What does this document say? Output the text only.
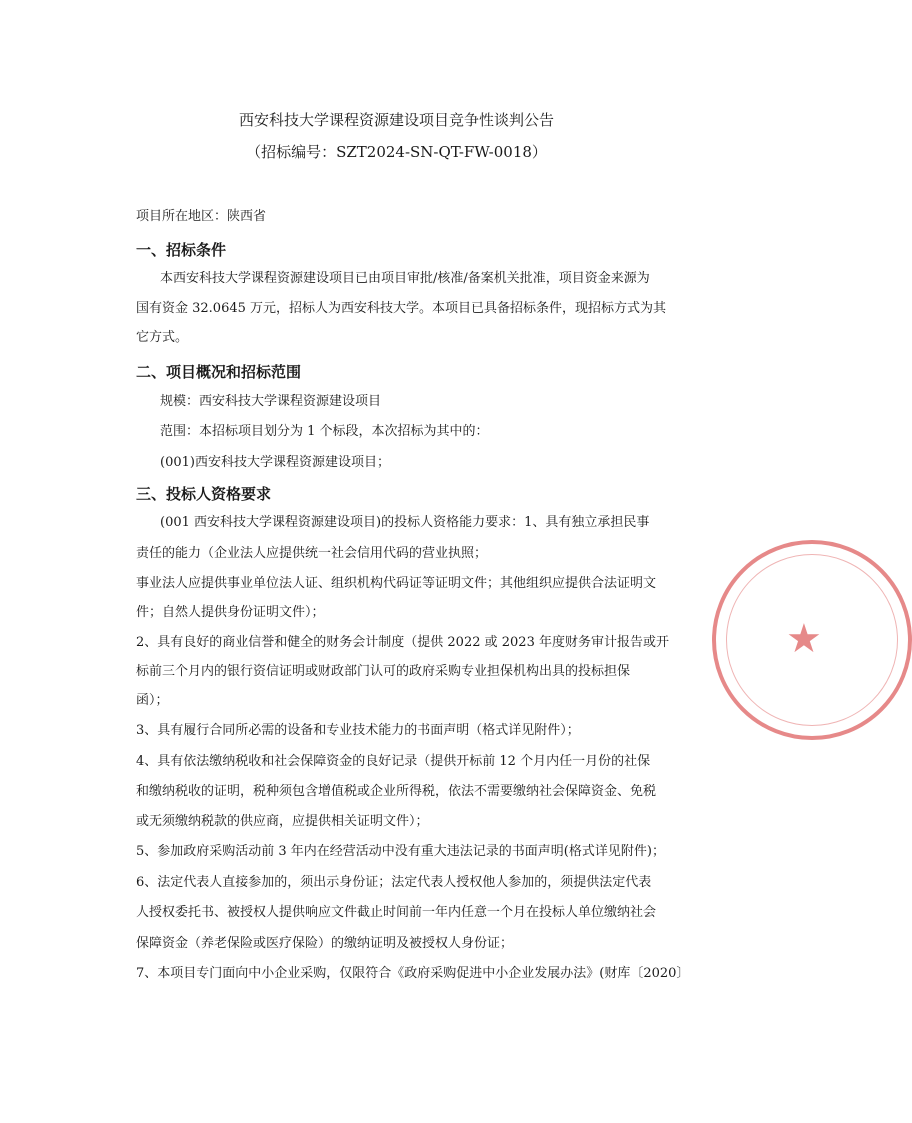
西安科技大学课程资源建设项目竞争性谈判公告
（招标编号：SZT2024-SN-QT-FW-0018）
项目所在地区：陕西省
一、招标条件
本西安科技大学课程资源建设项目已由项目审批/核准/备案机关批准，项目资金来源为
国有资金 32.0645 万元，招标人为西安科技大学。本项目已具备招标条件，现招标方式为其
它方式。
二、项目概况和招标范围
规模：西安科技大学课程资源建设项目
范围：本招标项目划分为 1 个标段，本次招标为其中的：
(001)西安科技大学课程资源建设项目；
三、投标人资格要求
(001 西安科技大学课程资源建设项目)的投标人资格能力要求：1、具有独立承担民事
责任的能力（企业法人应提供统一社会信用代码的营业执照；
事业法人应提供事业单位法人证、组织机构代码证等证明文件；其他组织应提供合法证明文
件；自然人提供身份证明文件）；
2、具有良好的商业信誉和健全的财务会计制度（提供 2022 或 2023 年度财务审计报告或开
标前三个月内的银行资信证明或财政部门认可的政府采购专业担保机构出具的投标担保
函）；
3、具有履行合同所必需的设备和专业技术能力的书面声明（格式详见附件）；
4、具有依法缴纳税收和社会保障资金的良好记录（提供开标前 12 个月内任一月份的社保
和缴纳税收的证明，税种须包含增值税或企业所得税，依法不需要缴纳社会保障资金、免税
或无须缴纳税款的供应商，应提供相关证明文件）；
5、参加政府采购活动前 3 年内在经营活动中没有重大违法记录的书面声明(格式详见附件)；
6、法定代表人直接参加的，须出示身份证；法定代表人授权他人参加的，须提供法定代表
人授权委托书、被授权人提供响应文件截止时间前一年内任意一个月在投标人单位缴纳社会
保障资金（养老保险或医疗保险）的缴纳证明及被授权人身份证；
7、本项目专门面向中小企业采购，仅限符合《政府采购促进中小企业发展办法》(财库〔2020〕
★
